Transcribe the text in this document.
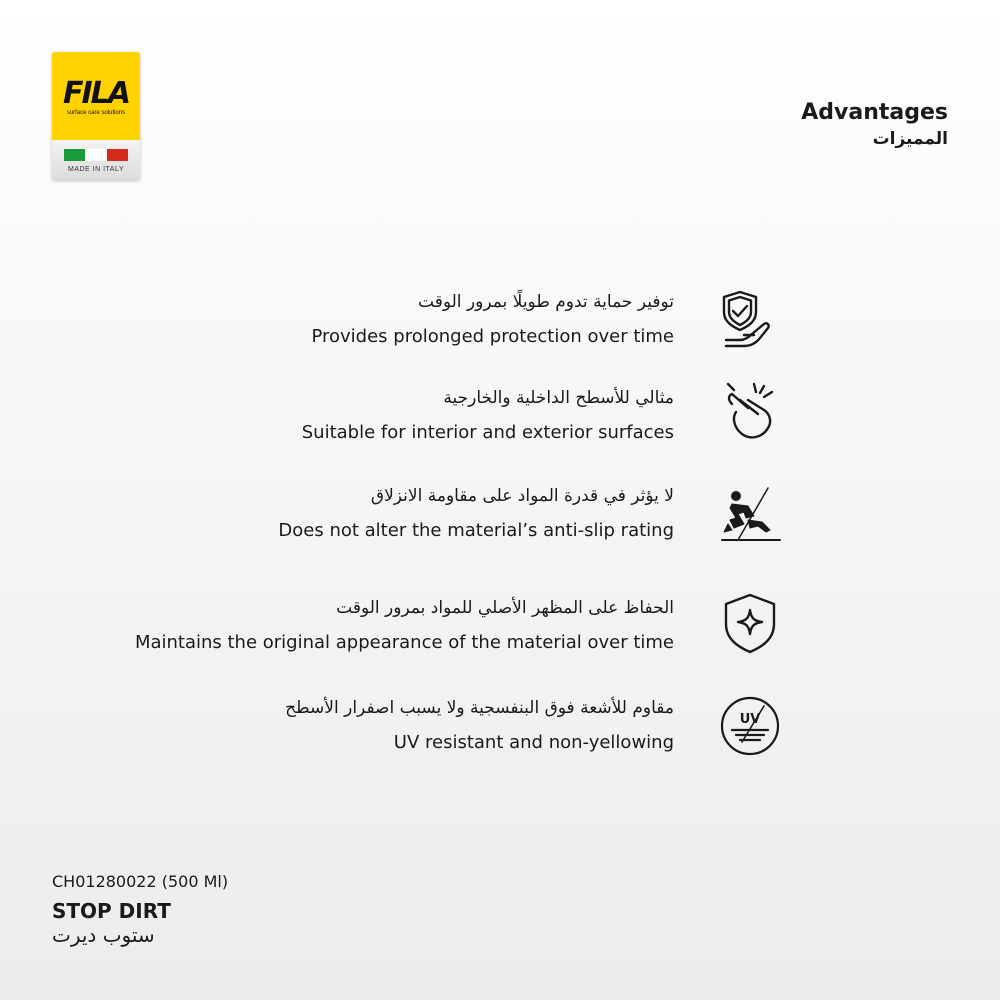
FILA
surface care solutions
MADE IN ITALY
Advantages
المميزات
توفير حماية تدوم طويلًا بمرور الوقت
Provides prolonged protection over time
مثالي للأسطح الداخلية والخارجية
Suitable for interior and exterior surfaces
لا يؤثر في قدرة المواد على مقاومة الانزلاق
Does not alter the material’s anti-slip rating
الحفاظ على المظهر الأصلي للمواد بمرور الوقت
Maintains the original appearance of the material over time
مقاوم للأشعة فوق البنفسجية ولا يسبب اصفرار الأسطح
UV resistant and non-yellowing
UV
CH01280022 (500 Ml)
STOP DIRT
ستوب ديرت
